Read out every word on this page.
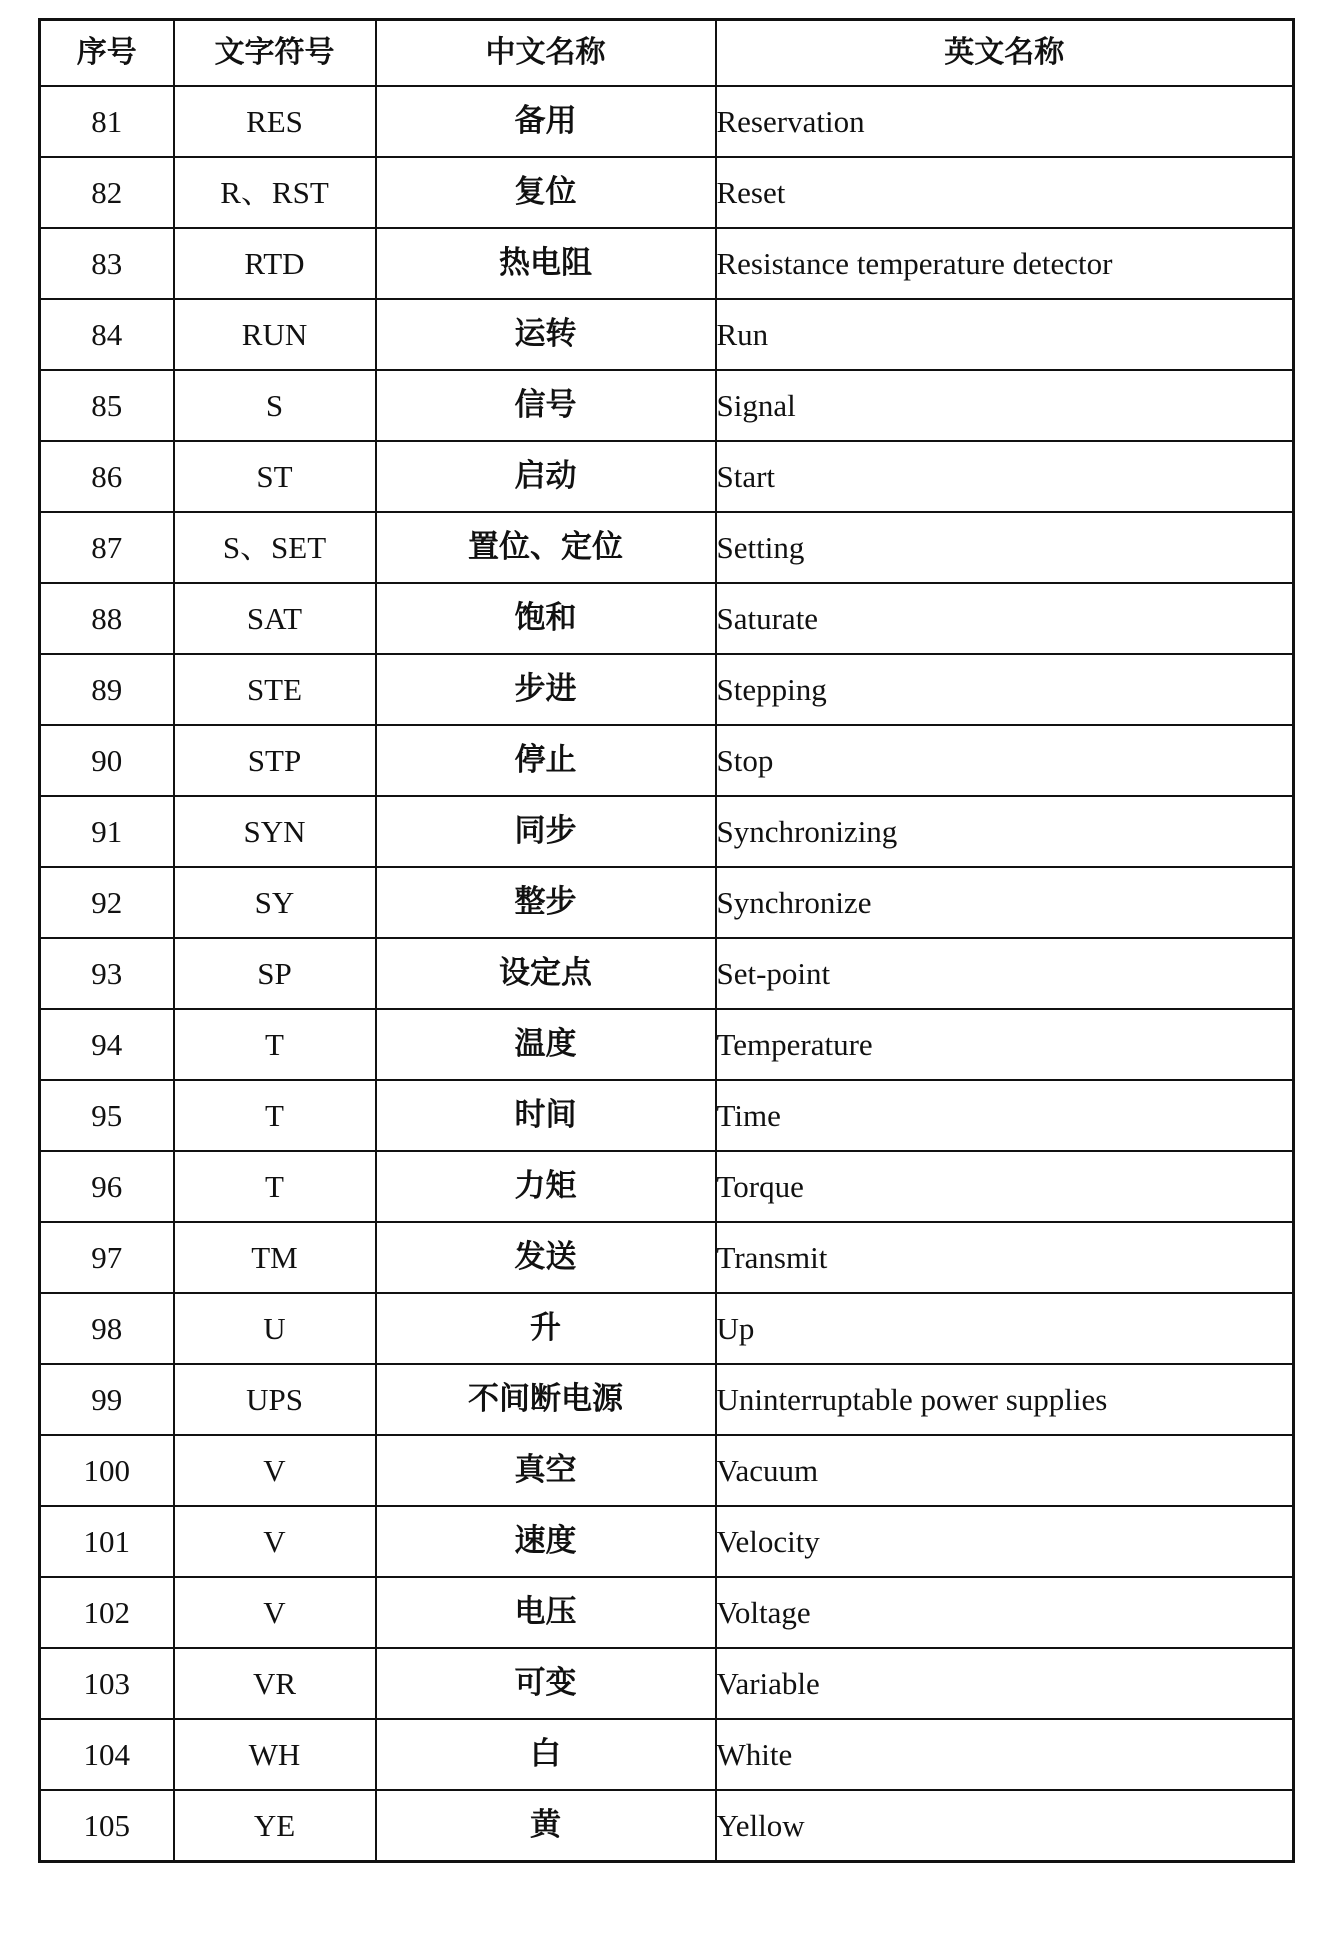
序号	文字符号	中文名称	英文名称
81	RES	备用	Reservation
82	R、RST	复位	Reset
83	RTD	热电阻	Resistance temperature detector
84	RUN	运转	Run
85	S	信号	Signal
86	ST	启动	Start
87	S、SET	置位、定位	Setting
88	SAT	饱和	Saturate
89	STE	步进	Stepping
90	STP	停止	Stop
91	SYN	同步	Synchronizing
92	SY	整步	Synchronize
93	SP	设定点	Set-point
94	T	温度	Temperature
95	T	时间	Time
96	T	力矩	Torque
97	TM	发送	Transmit
98	U	升	Up
99	UPS	不间断电源	Uninterruptable power supplies
100	V	真空	Vacuum
101	V	速度	Velocity
102	V	电压	Voltage
103	VR	可变	Variable
104	WH	白	White
105	YE	黄	Yellow
